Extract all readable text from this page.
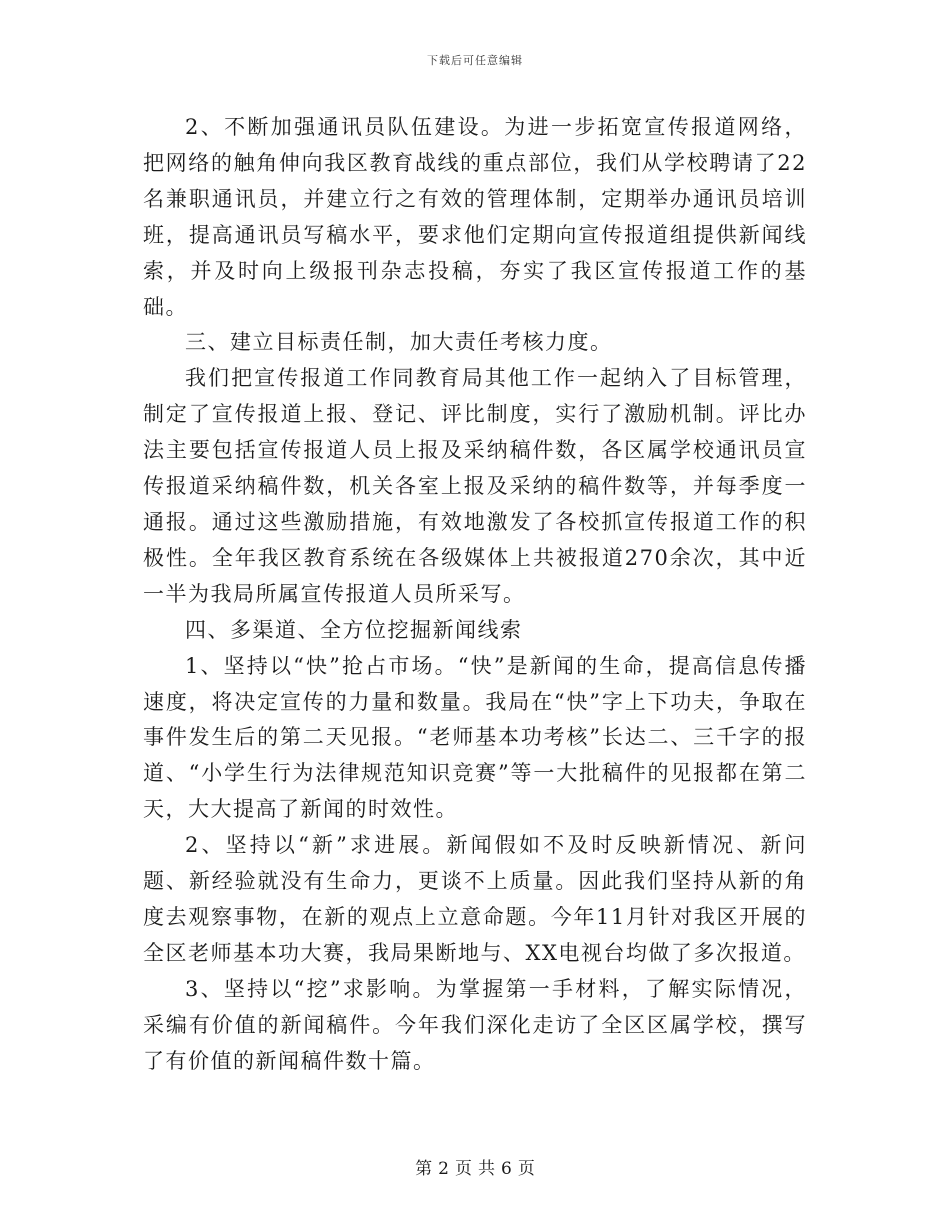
下载后可任意编辑

2、不断加强通讯员队伍建设。为进一步拓宽宣传报道网络，把网络的触角伸向我区教育战线的重点部位，我们从学校聘请了22名兼职通讯员，并建立行之有效的管理体制，定期举办通讯员培训班，提高通讯员写稿水平，要求他们定期向宣传报道组提供新闻线索，并及时向上级报刊杂志投稿，夯实了我区宣传报道工作的基础。

三、建立目标责任制，加大责任考核力度。

我们把宣传报道工作同教育局其他工作一起纳入了目标管理，制定了宣传报道上报、登记、评比制度，实行了激励机制。评比办法主要包括宣传报道人员上报及采纳稿件数，各区属学校通讯员宣传报道采纳稿件数，机关各室上报及采纳的稿件数等，并每季度一通报。通过这些激励措施，有效地激发了各校抓宣传报道工作的积极性。全年我区教育系统在各级媒体上共被报道270余次，其中近一半为我局所属宣传报道人员所采写。

四、多渠道、全方位挖掘新闻线索

1、坚持以“快”抢占市场。“快”是新闻的生命，提高信息传播速度，将决定宣传的力量和数量。我局在“快”字上下功夫，争取在事件发生后的第二天见报。“老师基本功考核”长达二、三千字的报道、“小学生行为法律规范知识竞赛”等一大批稿件的见报都在第二天，大大提高了新闻的时效性。

2、坚持以“新”求进展。新闻假如不及时反映新情况、新问题、新经验就没有生命力，更谈不上质量。因此我们坚持从新的角度去观察事物，在新的观点上立意命题。今年11月针对我区开展的全区老师基本功大赛，我局果断地与、XX电视台均做了多次报道。

3、坚持以“挖”求影响。为掌握第一手材料，了解实际情况，采编有价值的新闻稿件。今年我们深化走访了全区区属学校，撰写了有价值的新闻稿件数十篇。

第 2 页 共 6 页
